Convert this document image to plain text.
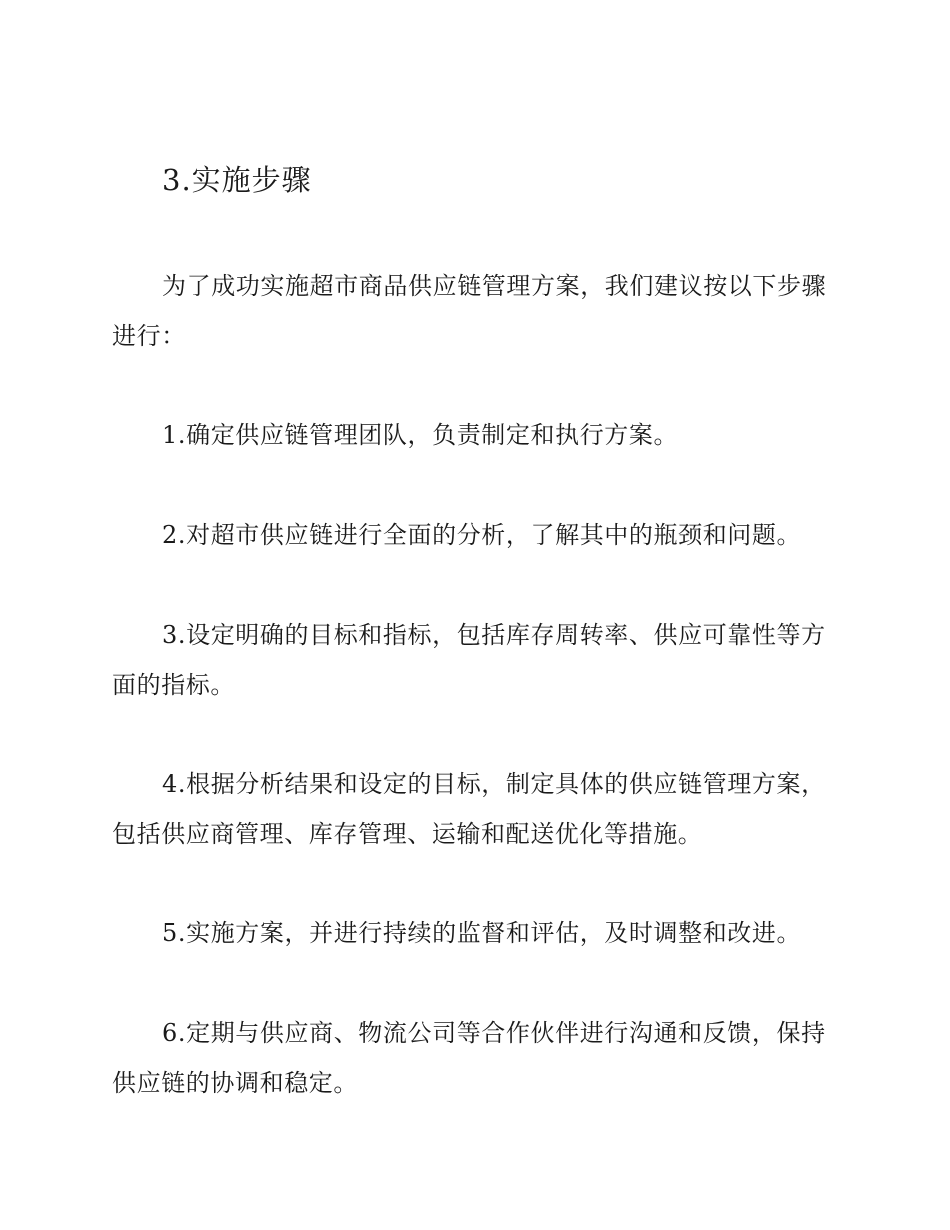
3.实施步骤

为了成功实施超市商品供应链管理方案，我们建议按以下步骤进行：

1.确定供应链管理团队，负责制定和执行方案。

2.对超市供应链进行全面的分析，了解其中的瓶颈和问题。

3.设定明确的目标和指标，包括库存周转率、供应可靠性等方面的指标。

4.根据分析结果和设定的目标，制定具体的供应链管理方案，包括供应商管理、库存管理、运输和配送优化等措施。

5.实施方案，并进行持续的监督和评估，及时调整和改进。

6.定期与供应商、物流公司等合作伙伴进行沟通和反馈，保持供应链的协调和稳定。
